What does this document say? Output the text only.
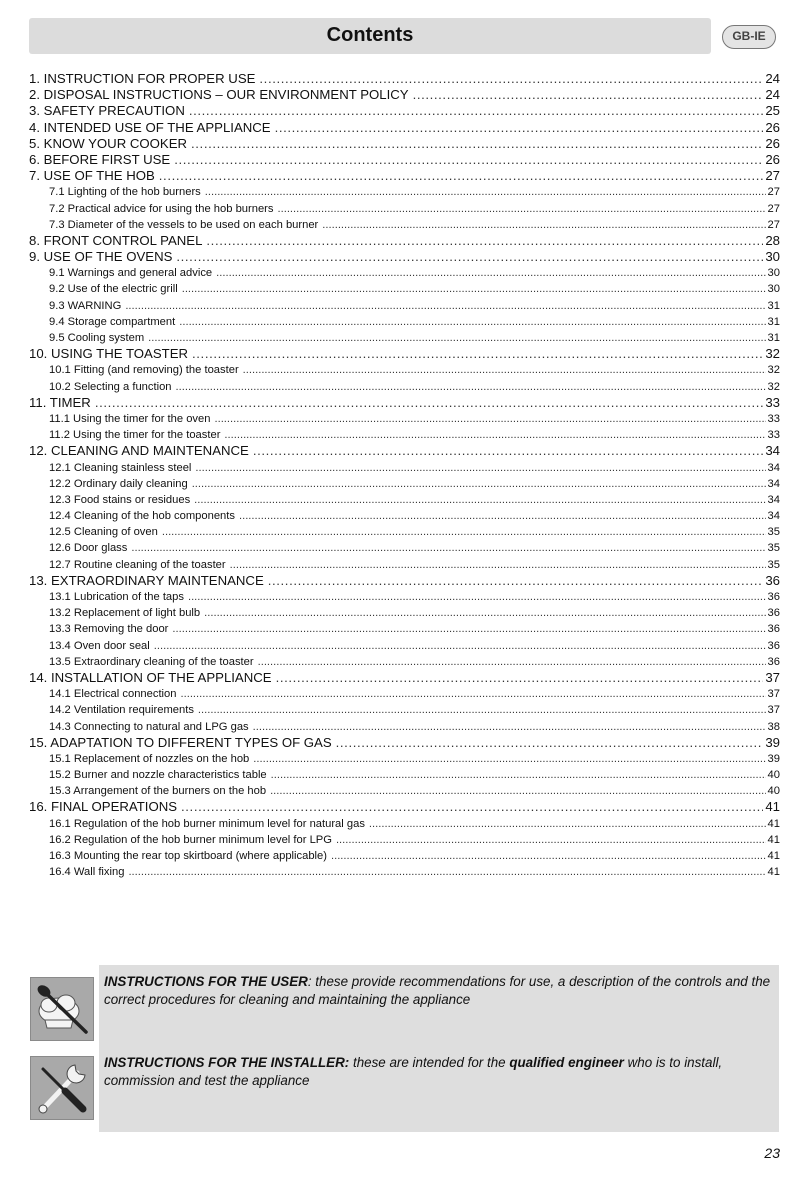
Contents	GB-IE
1. INSTRUCTION FOR PROPER USE .....	24
2. DISPOSAL INSTRUCTIONS – OUR ENVIRONMENT POLICY .....	24
3. SAFETY PRECAUTION .....	25
4. INTENDED USE OF THE APPLIANCE .....	26
5. KNOW YOUR COOKER .....	26
6. BEFORE FIRST USE .....	26
7. USE OF THE HOB .....	27
7.1 Lighting of the hob burners .....	27
7.2 Practical advice for using the hob burners .....	27
7.3 Diameter of the vessels to be used on each burner .....	27
8. FRONT CONTROL PANEL .....	28
9. USE OF THE OVENS .....	30
9.1 Warnings and general advice .....	30
9.2 Use of the electric grill .....	30
9.3 WARNING .....	31
9.4 Storage compartment .....	31
9.5 Cooling system .....	31
10. USING THE TOASTER .....	32
10.1 Fitting (and removing) the toaster .....	32
10.2 Selecting a function .....	32
11. TIMER .....	33
11.1 Using the timer for the oven .....	33
11.2 Using the timer for the toaster .....	33
12. CLEANING AND MAINTENANCE .....	34
12.1 Cleaning stainless steel .....	34
12.2 Ordinary daily cleaning .....	34
12.3 Food stains or residues .....	34
12.4 Cleaning of the hob components .....	34
12.5 Cleaning of oven .....	35
12.6 Door glass .....	35
12.7 Routine cleaning of the toaster .....	35
13. EXTRAORDINARY MAINTENANCE .....	36
13.1 Lubrication of the taps .....	36
13.2 Replacement of light bulb .....	36
13.3 Removing the door .....	36
13.4 Oven door seal .....	36
13.5 Extraordinary cleaning of the toaster .....	36
14. INSTALLATION OF THE APPLIANCE .....	37
14.1 Electrical connection .....	37
14.2 Ventilation requirements .....	37
14.3 Connecting to natural and LPG gas .....	38
15. ADAPTATION TO DIFFERENT TYPES OF GAS .....	39
15.1 Replacement of nozzles on the hob .....	39
15.2 Burner and nozzle characteristics table .....	40
15.3 Arrangement of the burners on the hob .....	40
16. FINAL OPERATIONS .....	41
16.1 Regulation of the hob burner minimum level for natural gas .....	41
16.2 Regulation of the hob burner minimum level for LPG .....	41
16.3 Mounting the rear top skirtboard (where applicable) .....	41
16.4 Wall fixing .....	41
INSTRUCTIONS FOR THE USER: these provide recommendations for use, a description of the controls and the correct procedures for cleaning and maintaining the appliance
INSTRUCTIONS FOR THE INSTALLER: these are intended for the qualified engineer who is to install, commission and test the appliance
23
